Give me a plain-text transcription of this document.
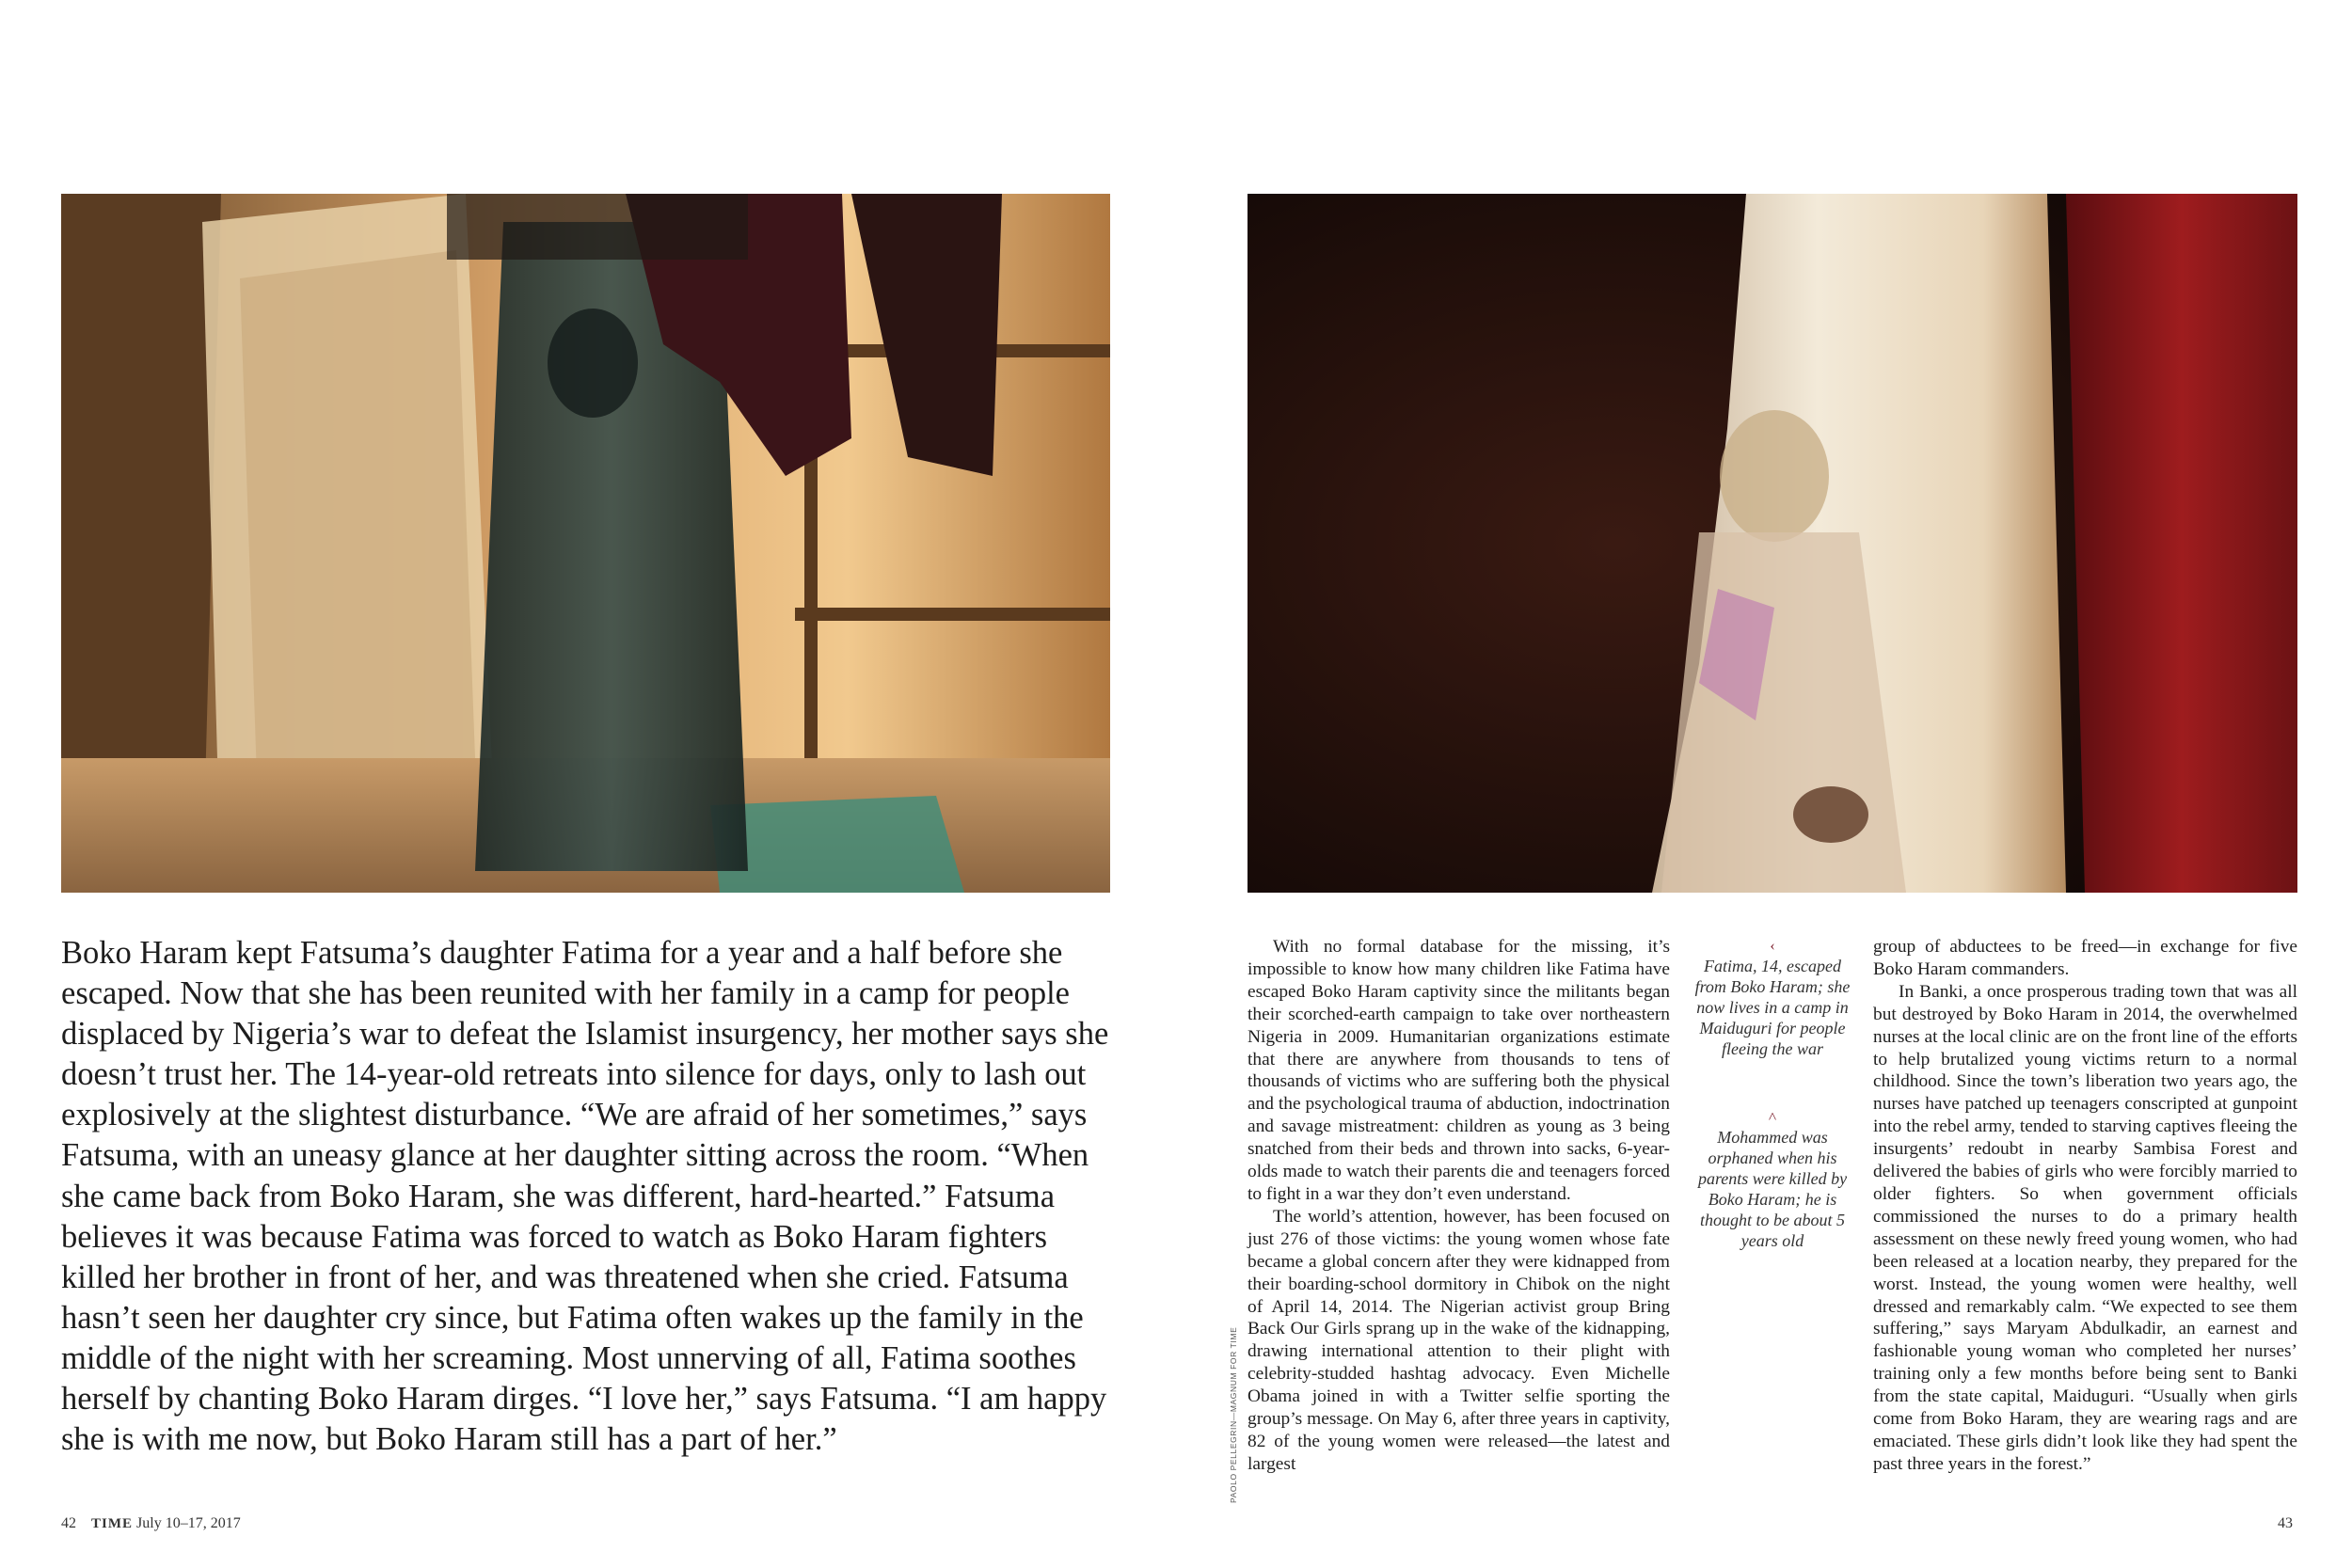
Boko Haram kept Fatsuma’s daughter Fatima for a year and a half before she escaped. Now that she has been reunited with her family in a camp for people displaced by Nigeria’s war to defeat the Islamist insurgency, her mother says she doesn’t trust her. The 14-year-old retreats into silence for days, only to lash out explosively at the slightest disturbance. “We are afraid of her sometimes,” says Fatsuma, with an uneasy glance at her daughter sitting across the room. “When she came back from Boko Haram, she was different, hard-hearted.” Fatsuma believes it was because Fatima was forced to watch as Boko Haram fighters killed her brother in front of her, and was threatened when she cried. Fatsuma hasn’t seen her daughter cry since, but Fatima often wakes up the family in the middle of the night with her screaming. Most unnerving of all, Fatima soothes herself by chanting Boko Haram dirges. “I love her,” says Fatsuma. “I am happy she is with me now, but Boko Haram still has a part of her.”

With no formal database for the missing, it’s impossible to know how many children like Fatima have escaped Boko Haram captivity since the militants began their scorched-earth campaign to take over northeastern Nigeria in 2009. Humanitarian organizations estimate that there are anywhere from thousands to tens of thousands of victims who are suffering both the physical and the psychological trauma of abduction, indoctrination and savage mistreatment: children as young as 3 being snatched from their beds and thrown into sacks, 6-year-olds made to watch their parents die and teenagers forced to fight in a war they don’t even understand.

The world’s attention, however, has been focused on just 276 of those victims: the young women whose fate became a global concern after they were kidnapped from their boarding-school dormitory in Chibok on the night of April 14, 2014. The Nigerian activist group Bring Back Our Girls sprang up in the wake of the kidnapping, drawing international attention to their plight with celebrity-studded hashtag advocacy. Even Michelle Obama joined in with a Twitter selfie sporting the group’s message. On May 6, after three years in captivity, 82 of the young women were released—the latest and largest

‹
Fatima, 14, escaped from Boko Haram; she now lives in a camp in Maiduguri for people fleeing the war
˄
Mohammed was orphaned when his parents were killed by Boko Haram; he is thought to be about 5 years old

group of abductees to be freed—in exchange for five Boko Haram commanders.

In Banki, a once prosperous trading town that was all but destroyed by Boko Haram in 2014, the overwhelmed nurses at the local clinic are on the front line of the efforts to help brutalized young victims return to a normal childhood. Since the town’s liberation two years ago, the nurses have patched up teenagers conscripted at gunpoint into the rebel army, tended to starving captives fleeing the insurgents’ redoubt in nearby Sambisa Forest and delivered the babies of girls who were forcibly married to older fighters. So when government officials commissioned the nurses to do a primary health assessment on these newly freed young women, who had been released at a location nearby, they prepared for the worst. Instead, the young women were healthy, well dressed and remarkably calm. “We expected to see them suffering,” says Maryam Abdulkadir, an earnest and fashionable young woman who completed her nurses’ training only a few months before being sent to Banki from the state capital, Maiduguri. “Usually when girls come from Boko Haram, they are wearing rags and are emaciated. These girls didn’t look like they had spent the past three years in the forest.”

PAOLO PELLEGRIN—MAGNUM FOR TIME
42 TIME July 10–17, 2017	43
